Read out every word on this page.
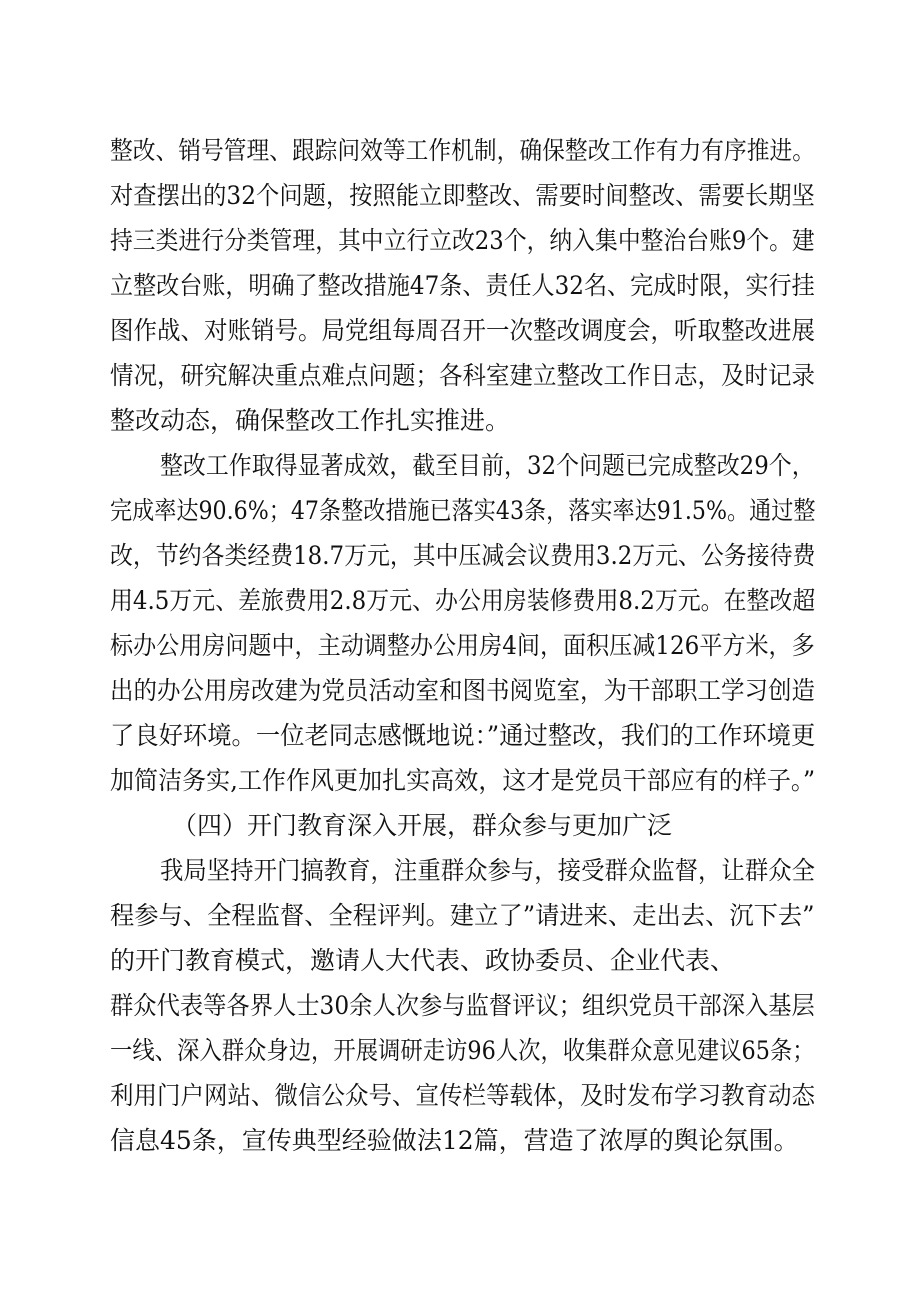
整改、销号管理、跟踪问效等工作机制，确保整改工作有力有序推进。
对查摆出的32个问题，按照能立即整改、需要时间整改、需要长期坚
持三类进行分类管理，其中立行立改23个，纳入集中整治台账9个。建
立整改台账，明确了整改措施47条、责任人32名、完成时限，实行挂
图作战、对账销号。局党组每周召开一次整改调度会，听取整改进展
情况，研究解决重点难点问题；各科室建立整改工作日志，及时记录
整改动态，确保整改工作扎实推进。
整改工作取得显著成效，截至目前，32个问题已完成整改29个，
完成率达90.6%；47条整改措施已落实43条，落实率达91.5%。通过整
改，节约各类经费18.7万元，其中压减会议费用3.2万元、公务接待费
用4.5万元、差旅费用2.8万元、办公用房装修费用8.2万元。在整改超
标办公用房问题中，主动调整办公用房4间，面积压减126平方米，多
出的办公用房改建为党员活动室和图书阅览室，为干部职工学习创造
了良好环境。一位老同志感慨地说：”通过整改，我们的工作环境更
加简洁务实,工作作风更加扎实高效，这才是党员干部应有的样子。”
（四）开门教育深入开展，群众参与更加广泛
我局坚持开门搞教育，注重群众参与，接受群众监督，让群众全
程参与、全程监督、全程评判。建立了”请进来、走出去、沉下去”
的开门教育模式，邀请人大代表、政协委员、企业代表、
群众代表等各界人士30余人次参与监督评议；组织党员干部深入基层
一线、深入群众身边，开展调研走访96人次，收集群众意见建议65条；
利用门户网站、微信公众号、宣传栏等载体，及时发布学习教育动态
信息45条，宣传典型经验做法12篇，营造了浓厚的舆论氛围。
